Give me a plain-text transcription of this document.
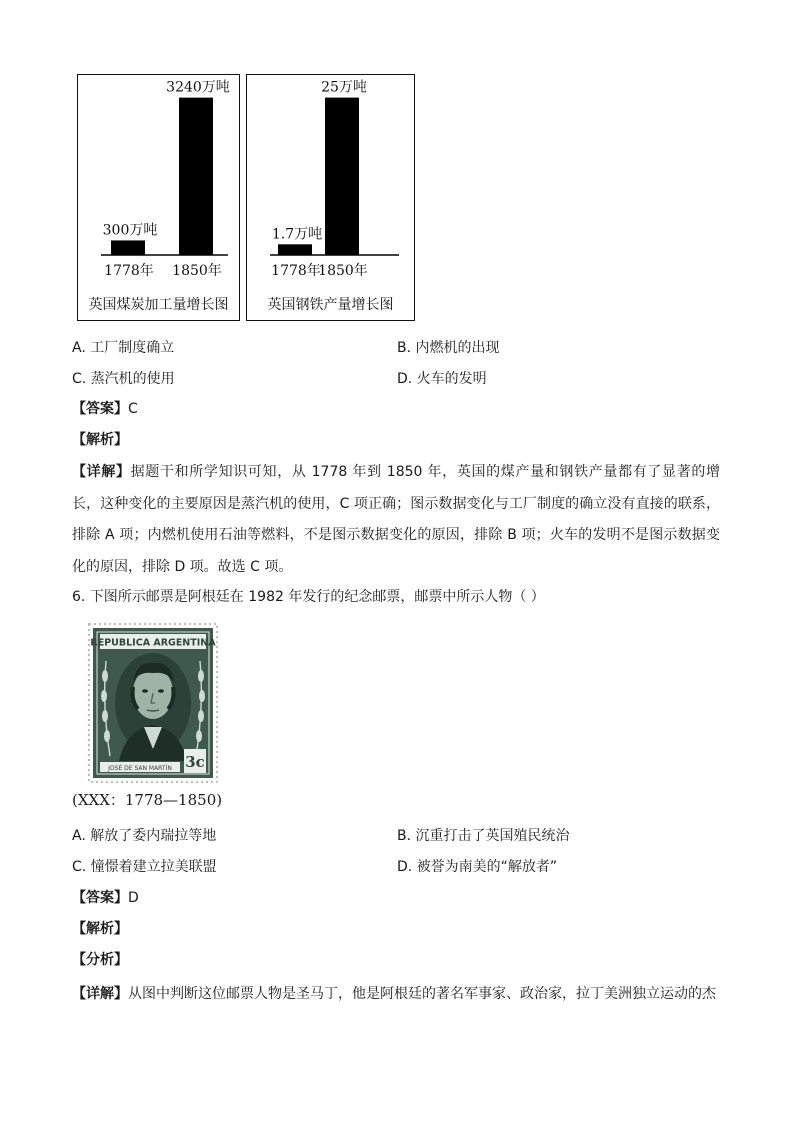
300万吨
1778年
3240万吨
1850年
英国煤炭加工量增长图
1.7万吨
1778年
25万吨
1850年
英国钢铁产量增长图
A. 工厂制度确立	B. 内燃机的出现
C. 蒸汽机的使用	D. 火车的发明
【答案】C
【解析】
【详解】据题干和所学知识可知，从 1778 年到 1850 年，英国的煤产量和钢铁产量都有了显著的增长，这种变化的主要原因是蒸汽机的使用，C 项正确；图示数据变化与工厂制度的确立没有直接的联系，排除 A 项；内燃机使用石油等燃料，不是图示数据变化的原因，排除 B 项；火车的发明不是图示数据变化的原因，排除 D 项。故选 C 项。
6. 下图所示邮票是阿根廷在 1982 年发行的纪念邮票，邮票中所示人物（ ）
REPUBLICA ARGENTINA
JOSÉ DE SAN MARTÍN 3c
(XXX：1778—1850)
A. 解放了委内瑞拉等地	B. 沉重打击了英国殖民统治
C. 憧憬着建立拉美联盟	D. 被誉为南美的“解放者”
【答案】D
【解析】
【分析】
【详解】从图中判断这位邮票人物是圣马丁，他是阿根廷的著名军事家、政治家，拉丁美洲独立运动的杰
